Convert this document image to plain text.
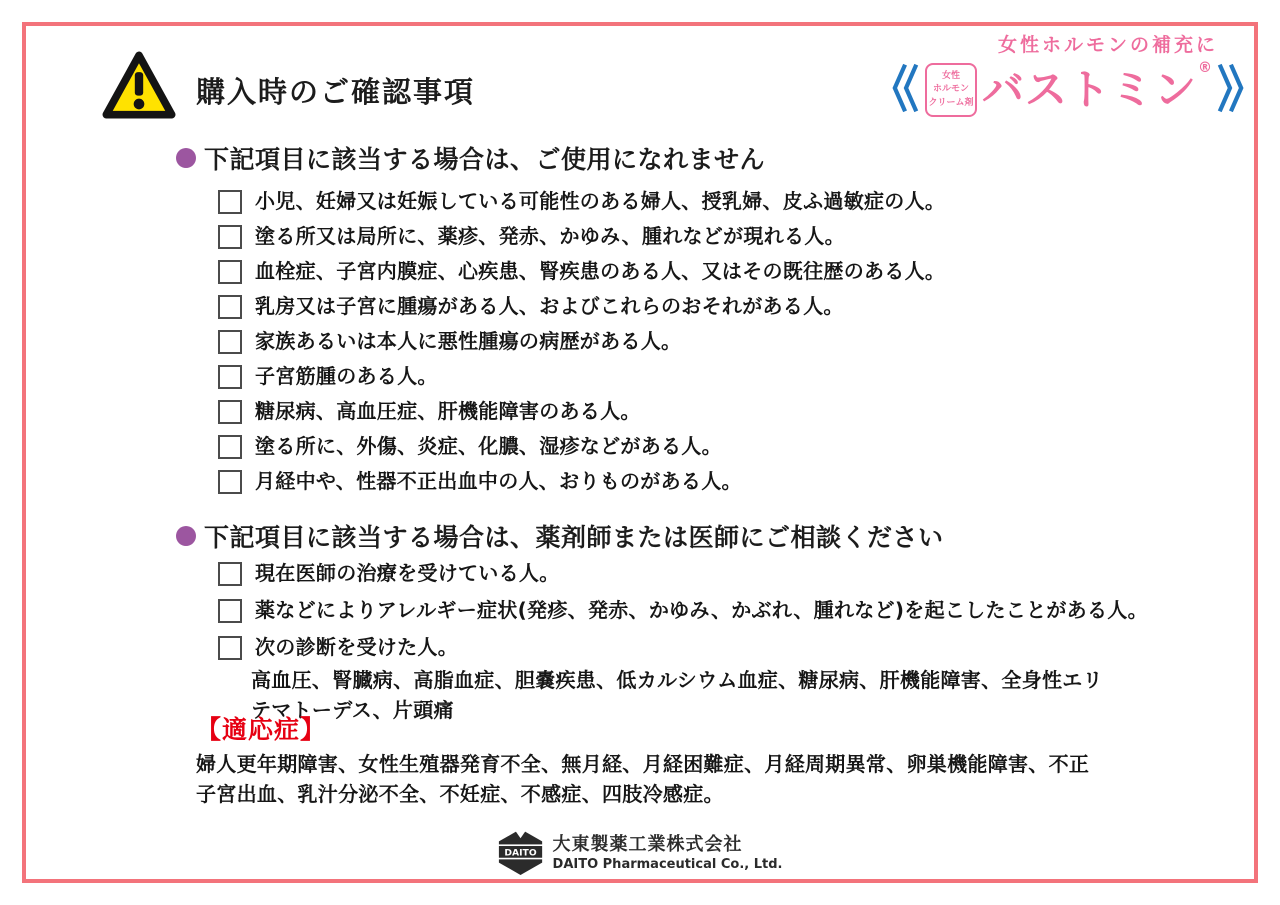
購入時のご確認事項
女性ホルモンの補充に
女性
ホルモン
クリーム剤 バストミン ®
下記項目に該当する場合は、ご使用になれません
小児、妊婦又は妊娠している可能性のある婦人、授乳婦、皮ふ過敏症の人。
塗る所又は局所に、薬疹、発赤、かゆみ、腫れなどが現れる人。
血栓症、子宮内膜症、心疾患、腎疾患のある人、又はその既往歴のある人。
乳房又は子宮に腫瘍がある人、およびこれらのおそれがある人。
家族あるいは本人に悪性腫瘍の病歴がある人。
子宮筋腫のある人。
糖尿病、高血圧症、肝機能障害のある人。
塗る所に、外傷、炎症、化膿、湿疹などがある人。
月経中や、性器不正出血中の人、おりものがある人。
下記項目に該当する場合は、薬剤師または医師にご相談ください
現在医師の治療を受けている人。
薬などによりアレルギー症状(発疹、発赤、かゆみ、かぶれ、腫れなど)を起こしたことがある人。
次の診断を受けた人。
高血圧、腎臓病、高脂血症、胆嚢疾患、低カルシウム血症、糖尿病、肝機能障害、全身性エリ
テマトーデス、片頭痛
【適応症】
婦人更年期障害、女性生殖器発育不全、無月経、月経困難症、月経周期異常、卵巣機能障害、不正
子宮出血、乳汁分泌不全、不妊症、不感症、四肢冷感症。
DAITO 大東製薬工業株式会社
DAITO Pharmaceutical Co., Ltd.
